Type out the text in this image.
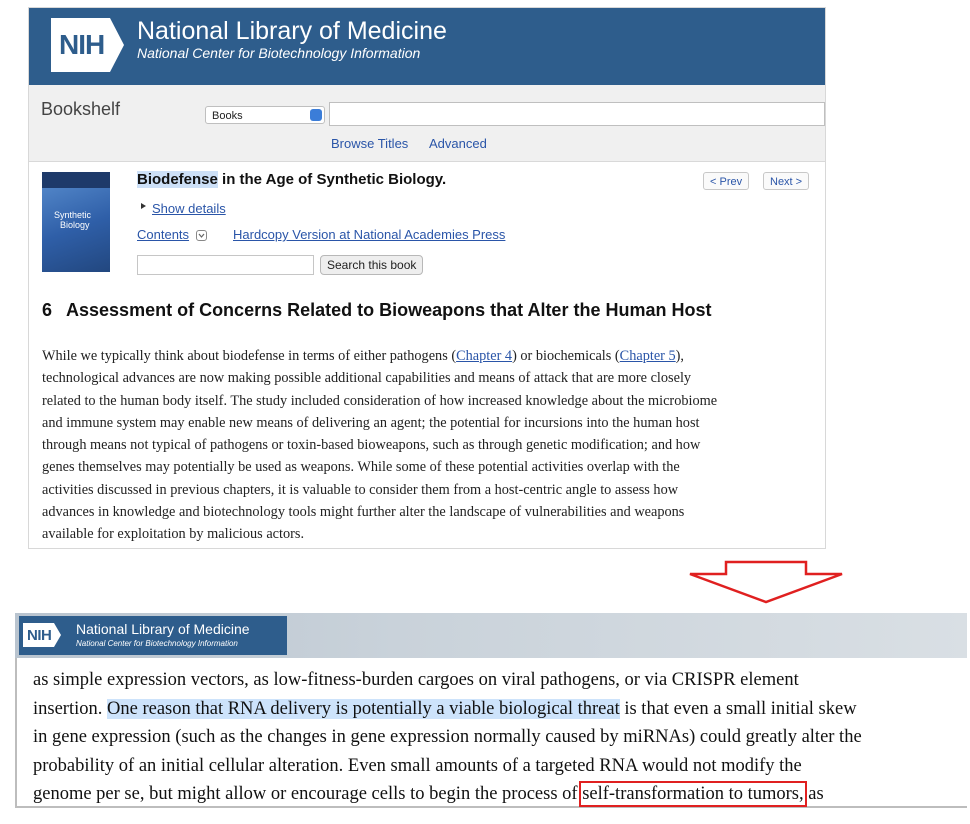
NIH National Library of Medicine
National Center for Biotechnology Information
Bookshelf	Books
Browse Titles Advanced
Synthetic
Biology
Biodefense in the Age of Synthetic Biology.	< Prev	Next >
Show details
Contents	Hardcopy Version at National Academies Press
Search this book
6 Assessment of Concerns Related to Bioweapons that Alter the Human Host
While we typically think about biodefense in terms of either pathogens (Chapter 4) or biochemicals (Chapter 5),
technological advances are now making possible additional capabilities and means of attack that are more closely
related to the human body itself. The study included consideration of how increased knowledge about the microbiome
and immune system may enable new means of delivering an agent; the potential for incursions into the human host
through means not typical of pathogens or toxin-based bioweapons, such as through genetic modification; and how
genes themselves may potentially be used as weapons. While some of these potential activities overlap with the
activities discussed in previous chapters, it is valuable to consider them from a host-centric angle to assess how
advances in knowledge and biotechnology tools might further alter the landscape of vulnerabilities and weapons
available for exploitation by malicious actors.
NIH National Library of Medicine
National Center for Biotechnology Information
as simple expression vectors, as low-fitness-burden cargoes on viral pathogens, or via CRISPR element
insertion. One reason that RNA delivery is potentially a viable biological threat is that even a small initial skew
in gene expression (such as the changes in gene expression normally caused by miRNAs) could greatly alter the
probability of an initial cellular alteration. Even small amounts of a targeted RNA would not modify the
genome per se, but might allow or encourage cells to begin the process of self-transformation to tumors, as
